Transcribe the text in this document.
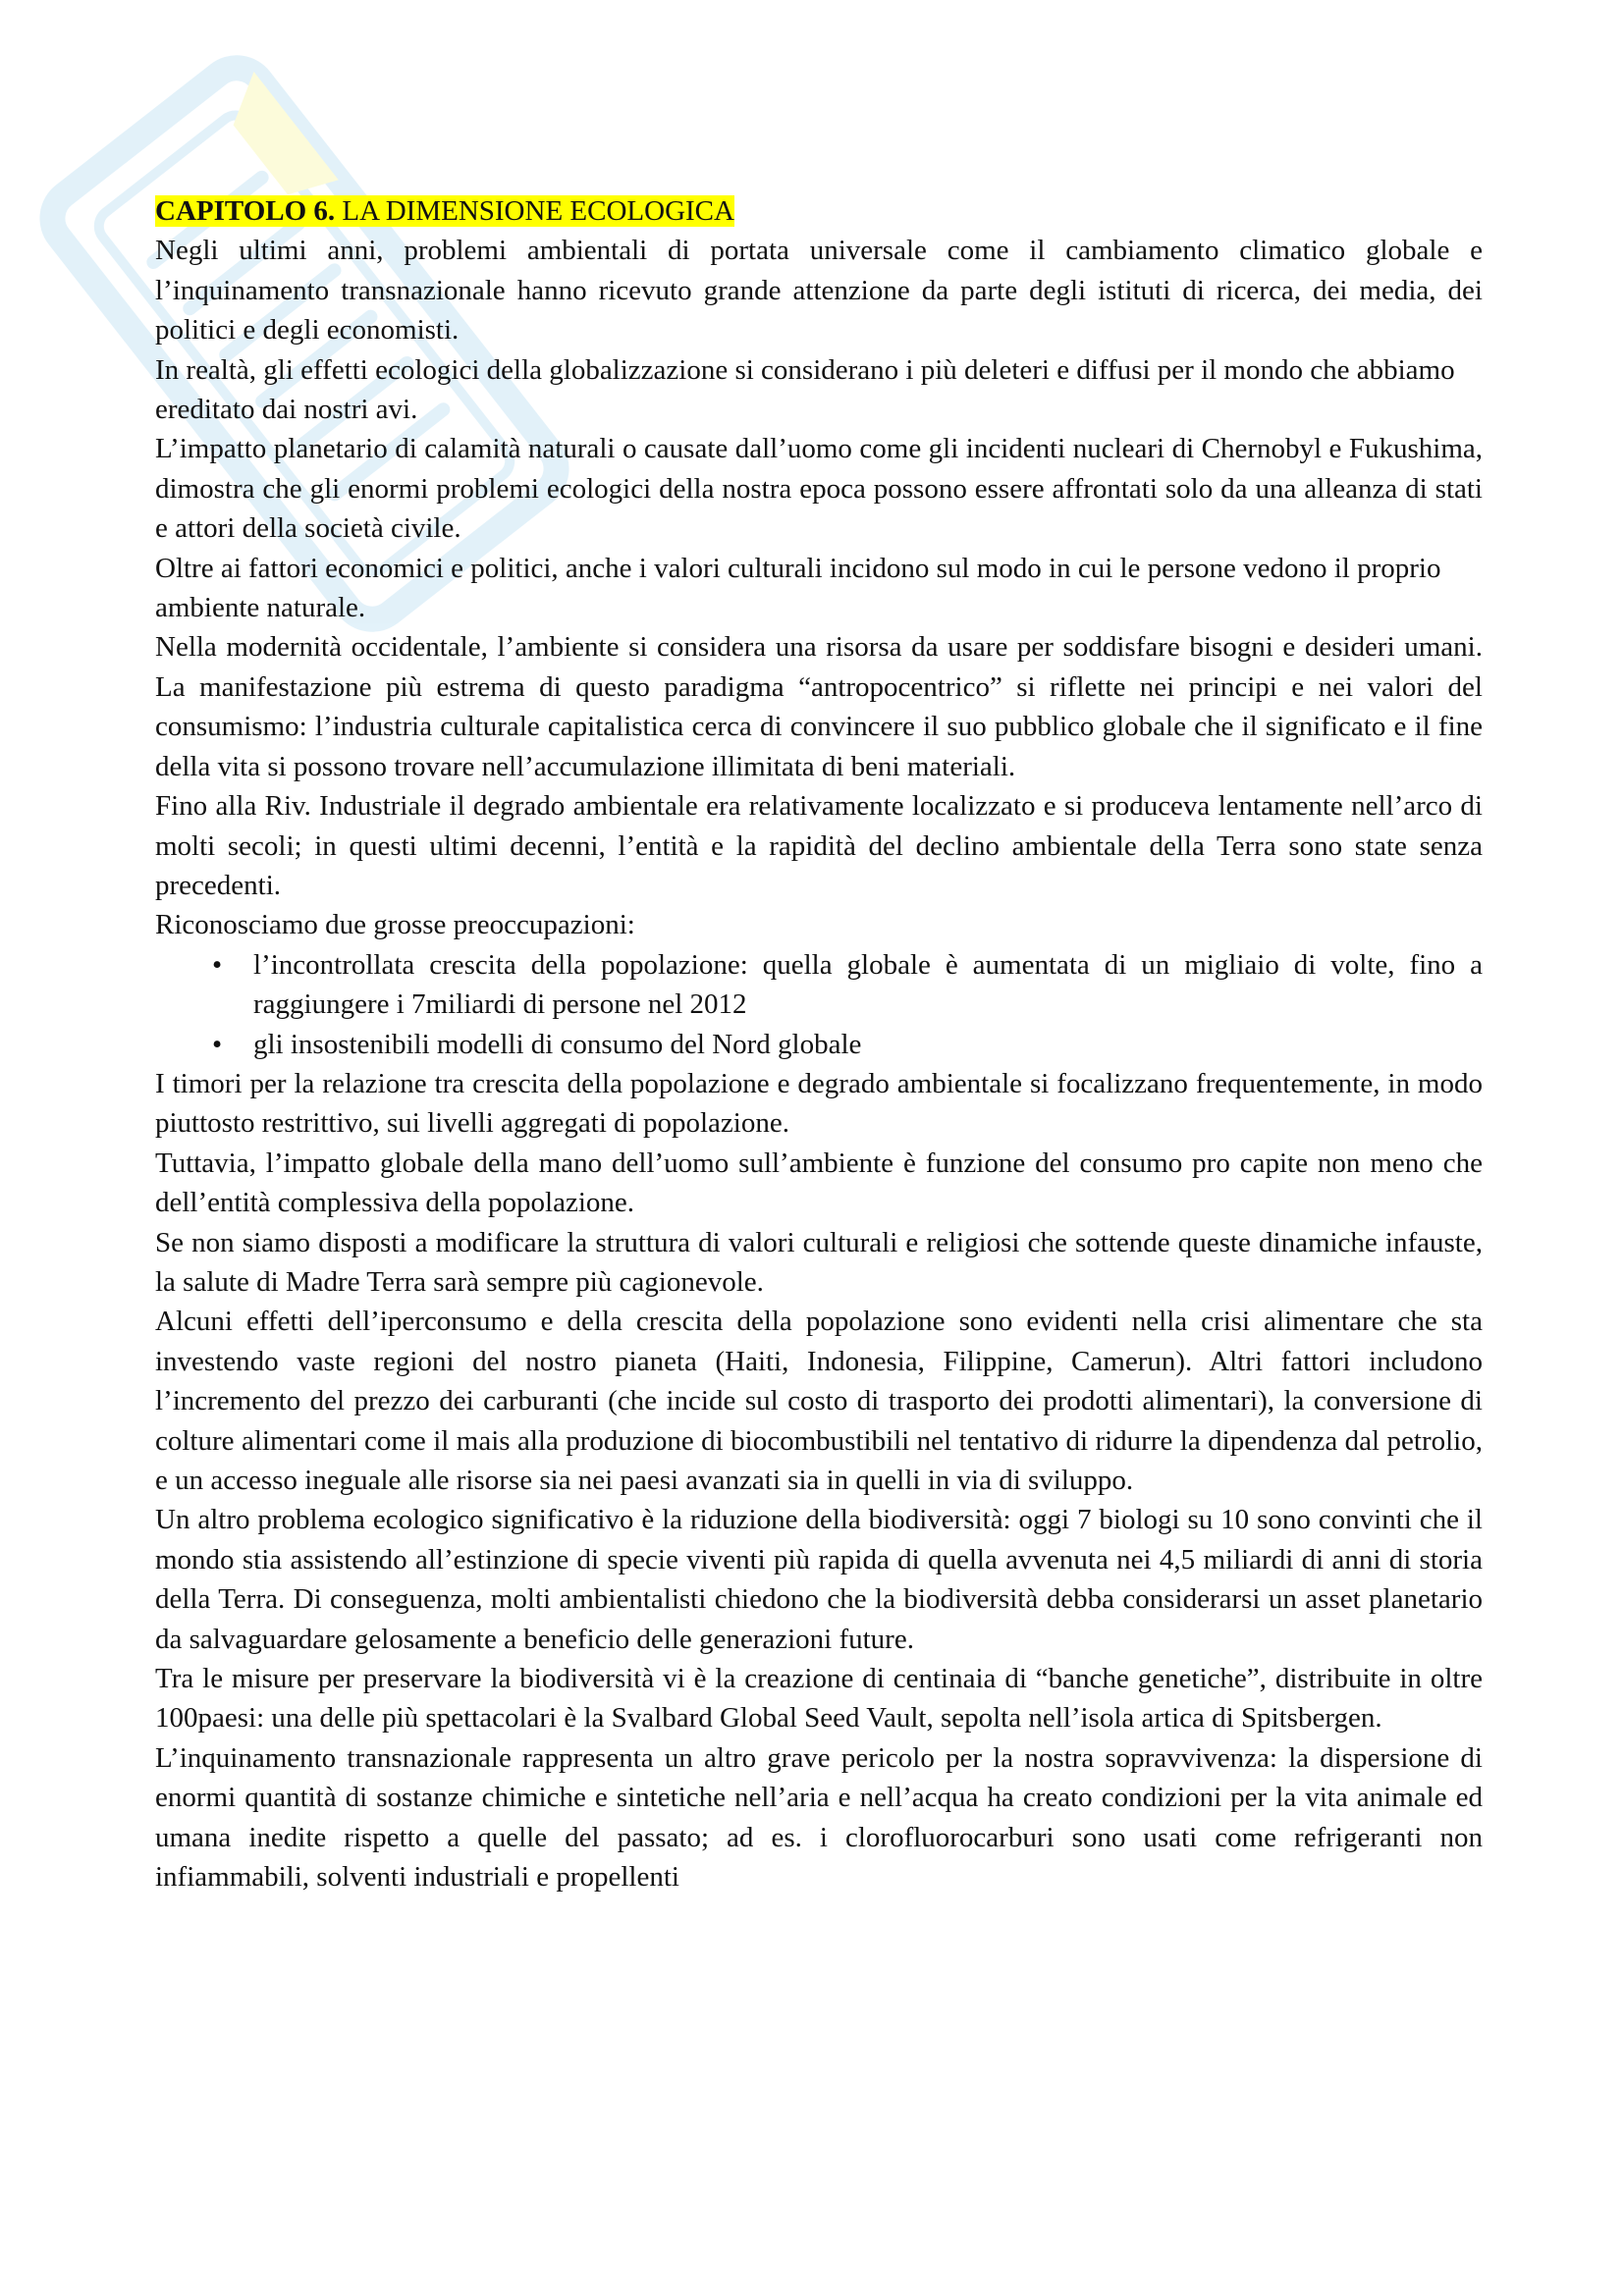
CAPITOLO 6. LA DIMENSIONE ECOLOGICA

Negli ultimi anni, problemi ambientali di portata universale come il cambiamento climatico globale e l’inquinamento transnazionale hanno ricevuto grande attenzione da parte degli istituti di ricerca, dei media, dei politici e degli economisti.

In realtà, gli effetti ecologici della globalizzazione si considerano i più deleteri e diffusi per il mondo che abbiamo ereditato dai nostri avi.

L’impatto planetario di calamità naturali o causate dall’uomo come gli incidenti nucleari di Chernobyl e Fukushima, dimostra che gli enormi problemi ecologici della nostra epoca possono essere affrontati solo da una alleanza di stati e attori della società civile.

Oltre ai fattori economici e politici, anche i valori culturali incidono sul modo in cui le persone vedono il proprio ambiente naturale.

Nella modernità occidentale, l’ambiente si considera una risorsa da usare per soddisfare bisogni e desideri umani. La manifestazione più estrema di questo paradigma “antropocentrico” si riflette nei principi e nei valori del consumismo: l’industria culturale capitalistica cerca di convincere il suo pubblico globale che il significato e il fine della vita si possono trovare nell’accumulazione illimitata di beni materiali.

Fino alla Riv. Industriale il degrado ambientale era relativamente localizzato e si produceva lentamente nell’arco di molti secoli; in questi ultimi decenni, l’entità e la rapidità del declino ambientale della Terra sono state senza precedenti.

Riconosciamo due grosse preoccupazioni:

• l’incontrollata crescita della popolazione: quella globale è aumentata di un migliaio di volte, fino a raggiungere i 7miliardi di persone nel 2012
• gli insostenibili modelli di consumo del Nord globale

I timori per la relazione tra crescita della popolazione e degrado ambientale si focalizzano frequentemente, in modo piuttosto restrittivo, sui livelli aggregati di popolazione.

Tuttavia, l’impatto globale della mano dell’uomo sull’ambiente è funzione del consumo pro capite non meno che dell’entità complessiva della popolazione.

Se non siamo disposti a modificare la struttura di valori culturali e religiosi che sottende queste dinamiche infauste, la salute di Madre Terra sarà sempre più cagionevole.

Alcuni effetti dell’iperconsumo e della crescita della popolazione sono evidenti nella crisi alimentare che sta investendo vaste regioni del nostro pianeta (Haiti, Indonesia, Filippine, Camerun). Altri fattori includono l’incremento del prezzo dei carburanti (che incide sul costo di trasporto dei prodotti alimentari), la conversione di colture alimentari come il mais alla produzione di biocombustibili nel tentativo di ridurre la dipendenza dal petrolio, e un accesso ineguale alle risorse sia nei paesi avanzati sia in quelli in via di sviluppo.

Un altro problema ecologico significativo è la riduzione della biodiversità: oggi 7 biologi su 10 sono convinti che il mondo stia assistendo all’estinzione di specie viventi più rapida di quella avvenuta nei 4,5 miliardi di anni di storia della Terra. Di conseguenza, molti ambientalisti chiedono che la biodiversità debba considerarsi un asset planetario da salvaguardare gelosamente a beneficio delle generazioni future.

Tra le misure per preservare la biodiversità vi è la creazione di centinaia di “banche genetiche”, distribuite in oltre 100paesi: una delle più spettacolari è la Svalbard Global Seed Vault, sepolta nell’isola artica di Spitsbergen.

L’inquinamento transnazionale rappresenta un altro grave pericolo per la nostra sopravvivenza: la dispersione di enormi quantità di sostanze chimiche e sintetiche nell’aria e nell’acqua ha creato condizioni per la vita animale ed umana inedite rispetto a quelle del passato; ad es. i clorofluorocarburi sono usati come refrigeranti non infiammabili, solventi industriali e propellenti
